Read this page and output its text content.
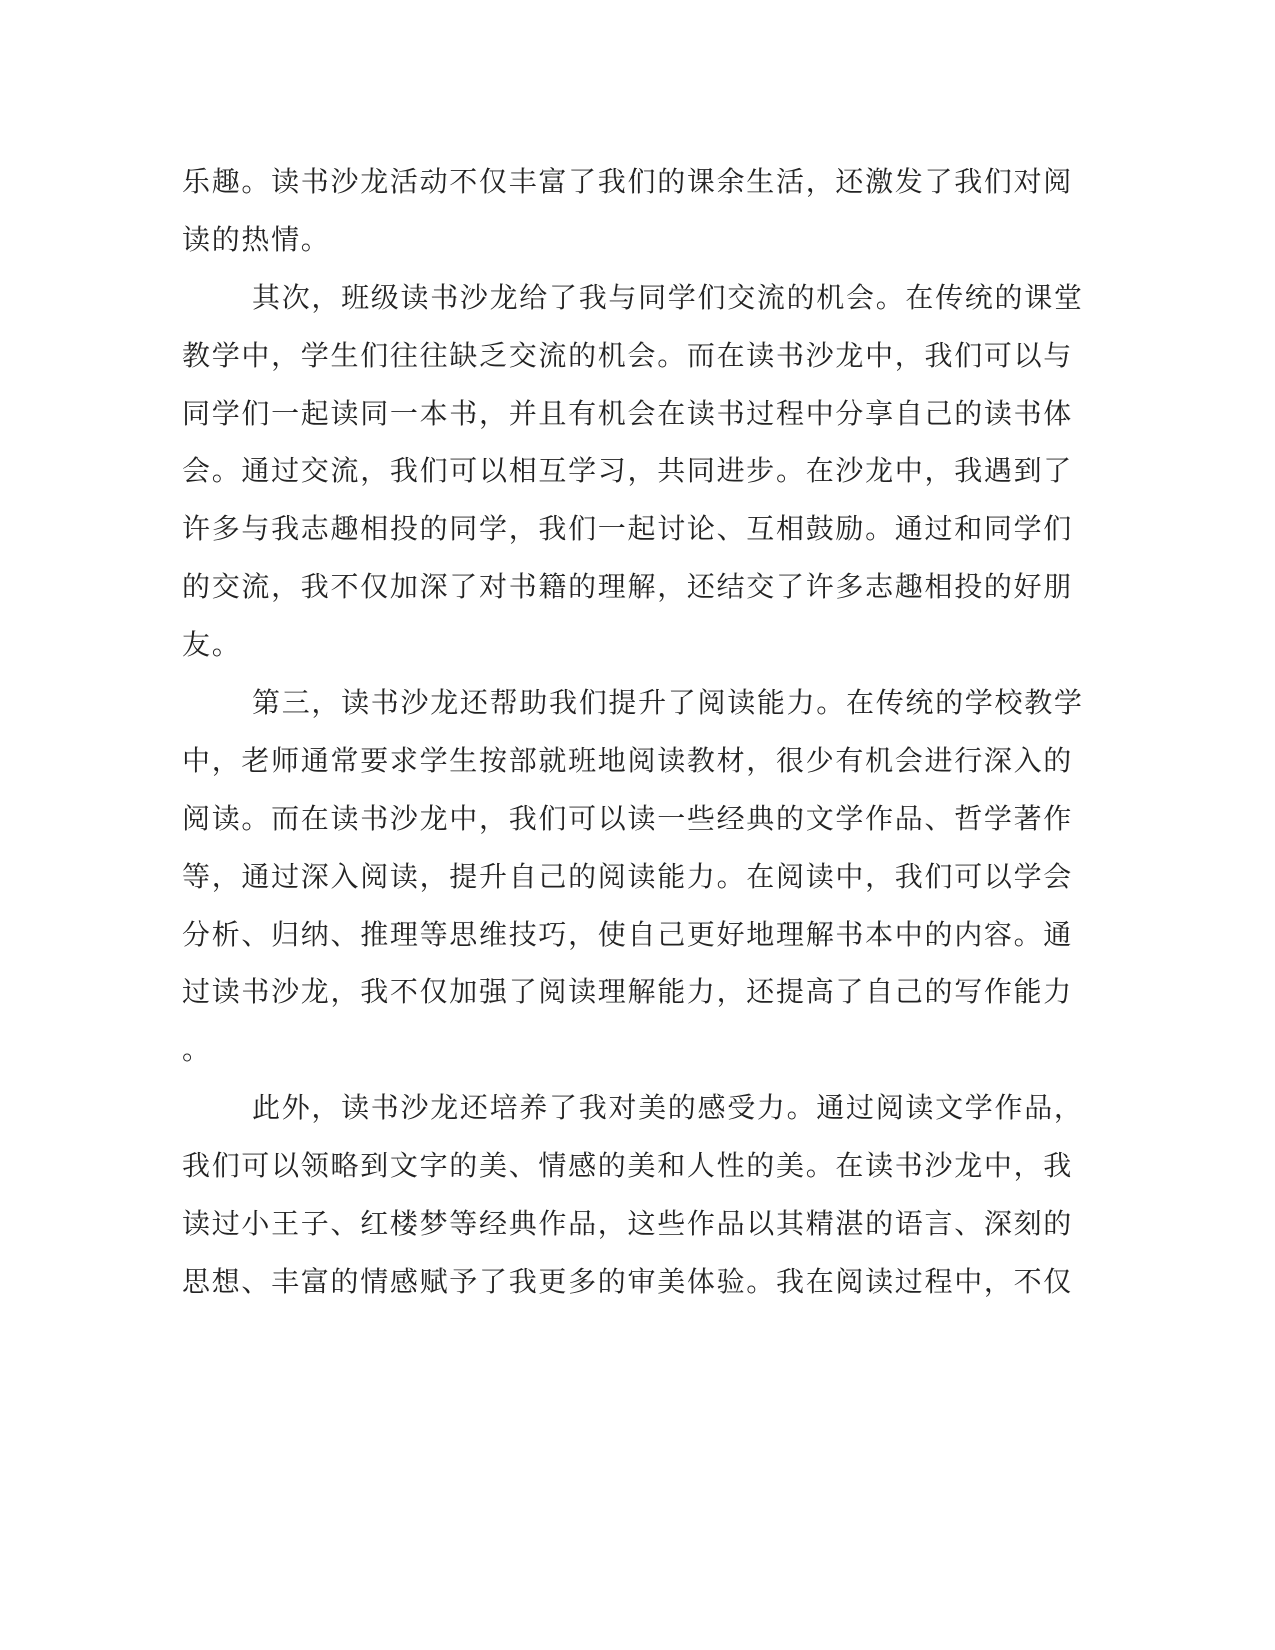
乐趣。读书沙龙活动不仅丰富了我们的课余生活，还激发了我们对阅
读的热情。
其次，班级读书沙龙给了我与同学们交流的机会。在传统的课堂
教学中，学生们往往缺乏交流的机会。而在读书沙龙中，我们可以与
同学们一起读同一本书，并且有机会在读书过程中分享自己的读书体
会。通过交流，我们可以相互学习，共同进步。在沙龙中，我遇到了
许多与我志趣相投的同学，我们一起讨论、互相鼓励。通过和同学们
的交流，我不仅加深了对书籍的理解，还结交了许多志趣相投的好朋
友。
第三，读书沙龙还帮助我们提升了阅读能力。在传统的学校教学
中，老师通常要求学生按部就班地阅读教材，很少有机会进行深入的
阅读。而在读书沙龙中，我们可以读一些经典的文学作品、哲学著作
等，通过深入阅读，提升自己的阅读能力。在阅读中，我们可以学会
分析、归纳、推理等思维技巧，使自己更好地理解书本中的内容。通
过读书沙龙，我不仅加强了阅读理解能力，还提高了自己的写作能力
。
此外，读书沙龙还培养了我对美的感受力。通过阅读文学作品，
我们可以领略到文字的美、情感的美和人性的美。在读书沙龙中，我
读过小王子、红楼梦等经典作品，这些作品以其精湛的语言、深刻的
思想、丰富的情感赋予了我更多的审美体验。我在阅读过程中，不仅
